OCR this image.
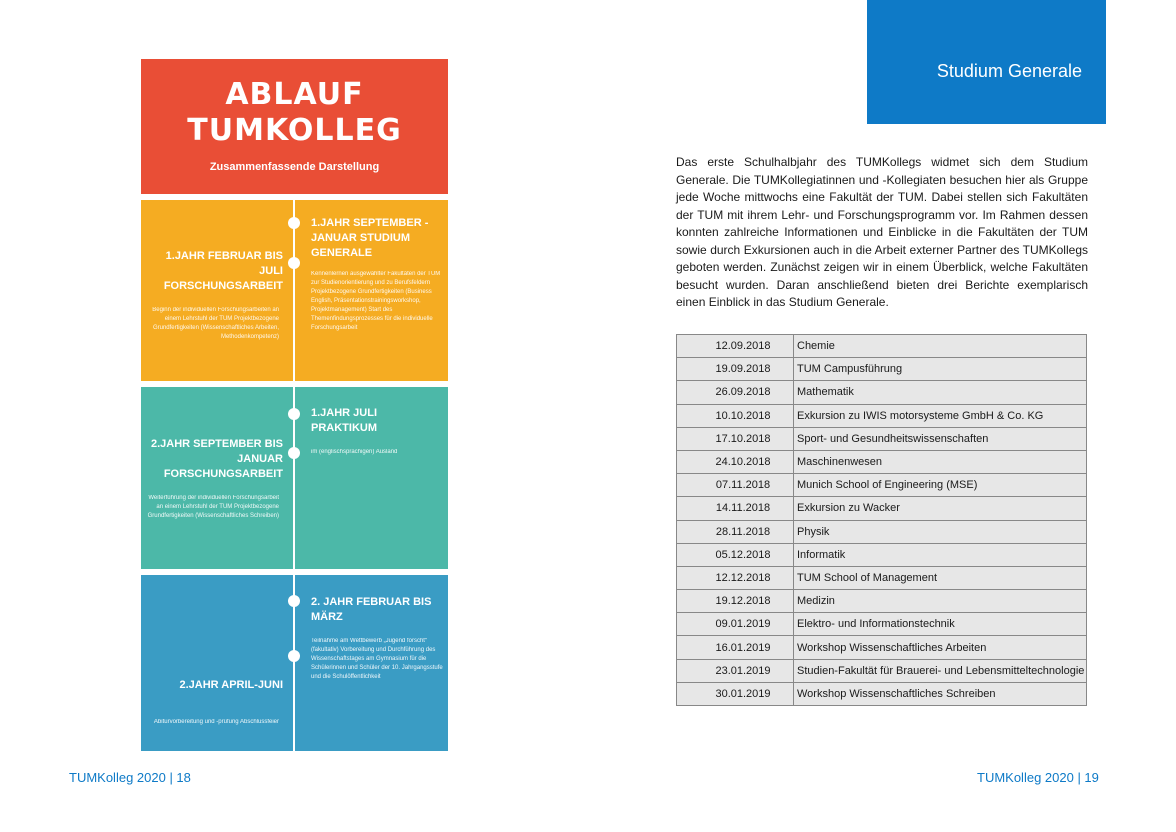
ABLAUF
TUMKOLLEG
Zusammenfassende Darstellung
1.JAHR SEPTEMBER - JANUAR STUDIUM GENERALE
Kennenlernen ausgewählter Fakultäten der TUM zur Studienorientierung und zu Berufsfeldern Projektbezogene Grundfertigkeiten (Business English, Präsentationstrainingsworkshop, Projektmanagement) Start des Themenfindungsprozesses für die individuelle Forschungsarbeit
1.JAHR FEBRUAR BIS JULI FORSCHUNGSARBEIT
Beginn der individuellen Forschungsarbeiten an einem Lehrstuhl der TUM Projektbezogene Grundfertigkeiten (Wissenschaftliches Arbeiten, Methodenkompetenz)
1.JAHR JULI PRAKTIKUM
im (englischsprachigen) Ausland
2.JAHR SEPTEMBER BIS JANUAR FORSCHUNGSARBEIT
Weiterführung der individuellen Forschungsarbeit an einem Lehrstuhl der TUM Projektbezogene Grundfertigkeiten (Wissenschaftliches Schreiben)
2. JAHR FEBRUAR BIS MÄRZ
Teilnahme am Wettbewerb „Jugend forscht“ (fakultativ) Vorbereitung und Durchführung des Wissenschaftstages am Gymnasium für die Schülerinnen und Schüler der 10. Jahrgangsstufe und die Schulöffentlichkeit
2.JAHR APRIL-JUNI
Abiturvorbereitung und -prüfung Abschlussfeier
Studium Generale
Das erste Schulhalbjahr des TUMKollegs widmet sich dem Studium Generale. Die TUMKollegiatinnen und -Kollegiaten besuchen hier als Gruppe jede Woche mittwochs eine Fakultät der TUM. Dabei stellen sich Fakultäten der TUM mit ihrem Lehr- und Forschungsprogramm vor. Im Rahmen dessen konnten zahlreiche Informationen und Einblicke in die Fakultäten der TUM sowie durch Exkursionen auch in die Arbeit externer Partner des TUMKollegs geboten werden. Zunächst zeigen wir in einem Überblick, welche Fakultäten besucht wurden. Daran anschließend bieten drei Berichte exemplarisch einen Einblick in das Studium Generale.
12.09.2018	Chemie
19.09.2018	TUM Campusführung
26.09.2018	Mathematik
10.10.2018	Exkursion zu IWIS motorsysteme GmbH & Co. KG
17.10.2018	Sport- und Gesundheitswissenschaften
24.10.2018	Maschinenwesen
07.11.2018	Munich School of Engineering (MSE)
14.11.2018	Exkursion zu Wacker
28.11.2018	Physik
05.12.2018	Informatik
12.12.2018	TUM School of Management
19.12.2018	Medizin
09.01.2019	Elektro- und Informationstechnik
16.01.2019	Workshop Wissenschaftliches Arbeiten
23.01.2019	Studien-Fakultät für Brauerei- und Lebensmitteltechnologie
30.01.2019	Workshop Wissenschaftliches Schreiben
TUMKolleg 2020 | 18	TUMKolleg 2020 | 19
